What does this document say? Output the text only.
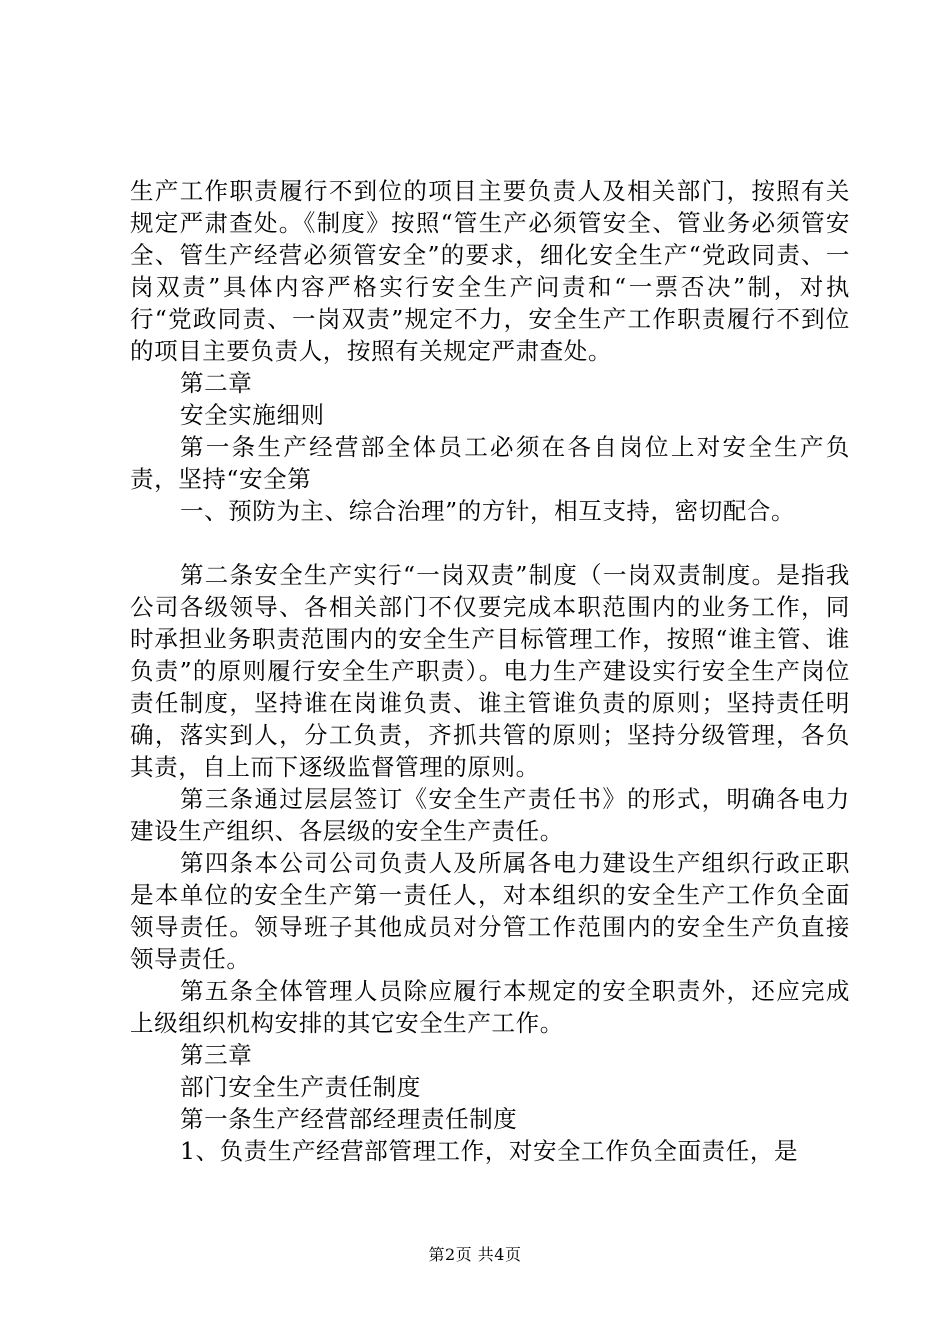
生产工作职责履行不到位的项目主要负责人及相关部门，按照有关规定严肃查处。《制度》按照“管生产必须管安全、管业务必须管安全、管生产经营必须管安全”的要求，细化安全生产“党政同责、一岗双责”具体内容严格实行安全生产问责和“一票否决”制，对执行“党政同责、一岗双责”规定不力，安全生产工作职责履行不到位的项目主要负责人，按照有关规定严肃查处。

第二章

安全实施细则

第一条生产经营部全体员工必须在各自岗位上对安全生产负责，坚持“安全第

一、预防为主、综合治理”的方针，相互支持，密切配合。

第二条安全生产实行“一岗双责”制度（一岗双责制度。是指我公司各级领导、各相关部门不仅要完成本职范围内的业务工作，同时承担业务职责范围内的安全生产目标管理工作，按照“谁主管、谁负责”的原则履行安全生产职责）。电力生产建设实行安全生产岗位责任制度，坚持谁在岗谁负责、谁主管谁负责的原则；坚持责任明确，落实到人，分工负责，齐抓共管的原则；坚持分级管理，各负其责，自上而下逐级监督管理的原则。

第三条通过层层签订《安全生产责任书》的形式，明确各电力建设生产组织、各层级的安全生产责任。

第四条本公司公司负责人及所属各电力建设生产组织行政正职是本单位的安全生产第一责任人，对本组织的安全生产工作负全面领导责任。领导班子其他成员对分管工作范围内的安全生产负直接领导责任。

第五条全体管理人员除应履行本规定的安全职责外，还应完成上级组织机构安排的其它安全生产工作。

第三章

部门安全生产责任制度

第一条生产经营部经理责任制度

1、负责生产经营部管理工作，对安全工作负全面责任，是

第2页 共4页
